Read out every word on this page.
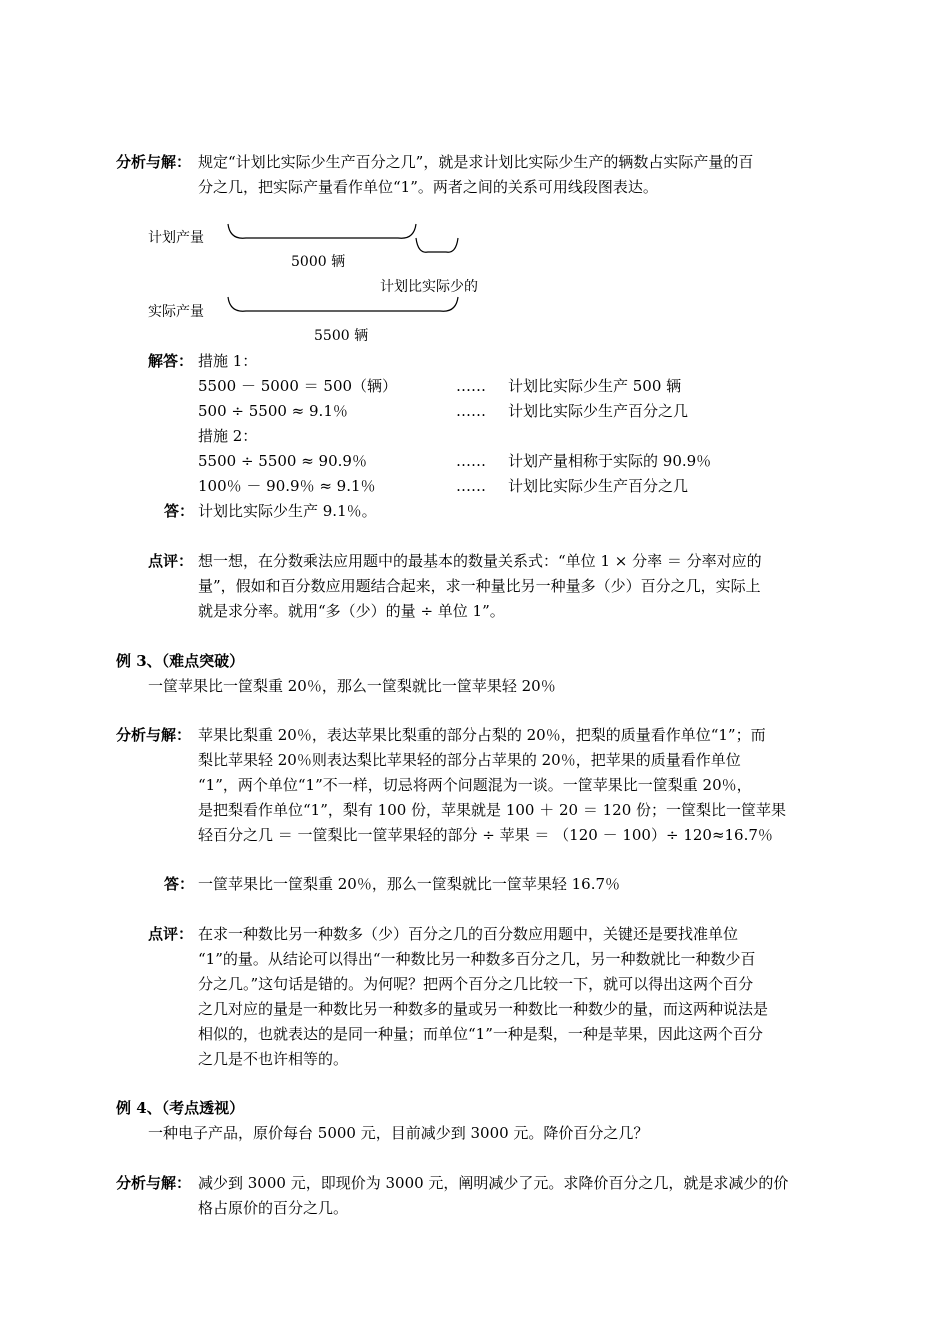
分析与解： 规定“计划比实际少生产百分之几”，就是求计划比实际少生产的辆数占实际产量的百
分之几，把实际产量看作单位“1”。两者之间的关系可用线段图表达。
计划产量
5000 辆
计划比实际少的
实际产量
5500 辆
解答： 措施 1：
5500 － 5000 ＝ 500（辆）	…… 计划比实际少生产 500 辆
500 ÷ 5500 ≈ 9.1％	…… 计划比实际少生产百分之几
措施 2：
5500 ÷ 5500 ≈ 90.9％	…… 计划产量相称于实际的 90.9％
100％ － 90.9％ ≈ 9.1％	…… 计划比实际少生产百分之几
答： 计划比实际少生产 9.1％。
点评： 想一想，在分数乘法应用题中的最基本的数量关系式：“单位 1 × 分率 ＝ 分率对应的
量”，假如和百分数应用题结合起来，求一种量比另一种量多（少）百分之几，实际上
就是求分率。就用“多（少）的量 ÷ 单位 1”。
例 3、（难点突破）
一筐苹果比一筐梨重 20％，那么一筐梨就比一筐苹果轻 20％
分析与解： 苹果比梨重 20％，表达苹果比梨重的部分占梨的 20％，把梨的质量看作单位“1”；而
梨比苹果轻 20％则表达梨比苹果轻的部分占苹果的 20％，把苹果的质量看作单位
“1”，两个单位“1”不一样，切忌将两个问题混为一谈。一筐苹果比一筐梨重 20％，
是把梨看作单位“1”，梨有 100 份，苹果就是 100 ＋ 20 ＝ 120 份；一筐梨比一筐苹果
轻百分之几 ＝ 一筐梨比一筐苹果轻的部分 ÷ 苹果 ＝ （120 － 100）÷ 120≈16.7％
答： 一筐苹果比一筐梨重 20％，那么一筐梨就比一筐苹果轻 16.7％
点评： 在求一种数比另一种数多（少）百分之几的百分数应用题中，关键还是要找准单位
“1”的量。从结论可以得出“一种数比另一种数多百分之几，另一种数就比一种数少百
分之几。”这句话是错的。为何呢？把两个百分之几比较一下，就可以得出这两个百分
之几对应的量是一种数比另一种数多的量或另一种数比一种数少的量，而这两种说法是
相似的，也就表达的是同一种量；而单位“1”一种是梨，一种是苹果，因此这两个百分
之几是不也许相等的。
例 4、（考点透视）
一种电子产品，原价每台 5000 元，目前减少到 3000 元。降价百分之几？
分析与解： 减少到 3000 元，即现价为 3000 元，阐明减少了元。求降价百分之几，就是求减少的价
格占原价的百分之几。
